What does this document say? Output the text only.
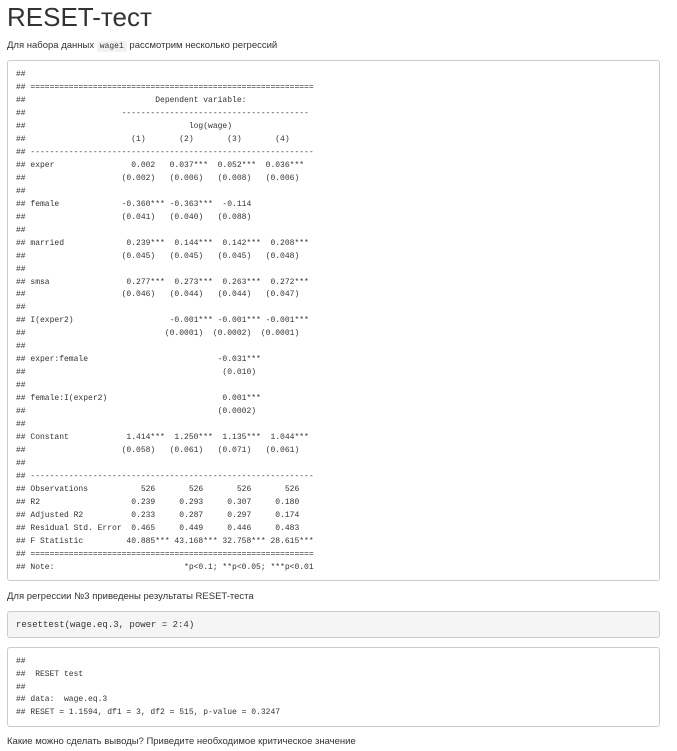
RESET-тест
Для набора данных wage1 рассмотрим несколько регрессий
##
## ===========================================================
##                           Dependent variable:
##                    ---------------------------------------
##                                  log(wage)
##                      (1)       (2)       (3)       (4)
## -----------------------------------------------------------
## exper                0.002   0.037***  0.052***  0.036***
##                    (0.002)   (0.006)   (0.008)   (0.006)
##
## female             -0.360*** -0.363***  -0.114
##                    (0.041)   (0.040)   (0.088)
##
## married             0.239***  0.144***  0.142***  0.208***
##                    (0.045)   (0.045)   (0.045)   (0.048)
##
## smsa                0.277***  0.273***  0.263***  0.272***
##                    (0.046)   (0.044)   (0.044)   (0.047)
##
## I(exper2)                    -0.001*** -0.001*** -0.001***
##                             (0.0001)  (0.0002)  (0.0001)
##
## exper:female                           -0.031***
##                                         (0.010)
##
## female:I(exper2)                        0.001***
##                                        (0.0002)
##
## Constant            1.414***  1.250***  1.135***  1.044***
##                    (0.058)   (0.061)   (0.071)   (0.061)
##
## -----------------------------------------------------------
## Observations           526       526       526       526
## R2                   0.239     0.293     0.307     0.180
## Adjusted R2          0.233     0.287     0.297     0.174
## Residual Std. Error  0.465     0.449     0.446     0.483
## F Statistic         40.885*** 43.168*** 32.758*** 28.615***
## ===========================================================
## Note:                           *p<0.1; **p<0.05; ***p<0.01
Для регрессии №3 приведены результаты RESET-теста
resettest(wage.eq.3, power = 2:4)
##
##  RESET test
##
## data:  wage.eq.3
## RESET = 1.1594, df1 = 3, df2 = 515, p-value = 0.3247
Какие можно сделать выводы? Приведите необходимое критическое значение
